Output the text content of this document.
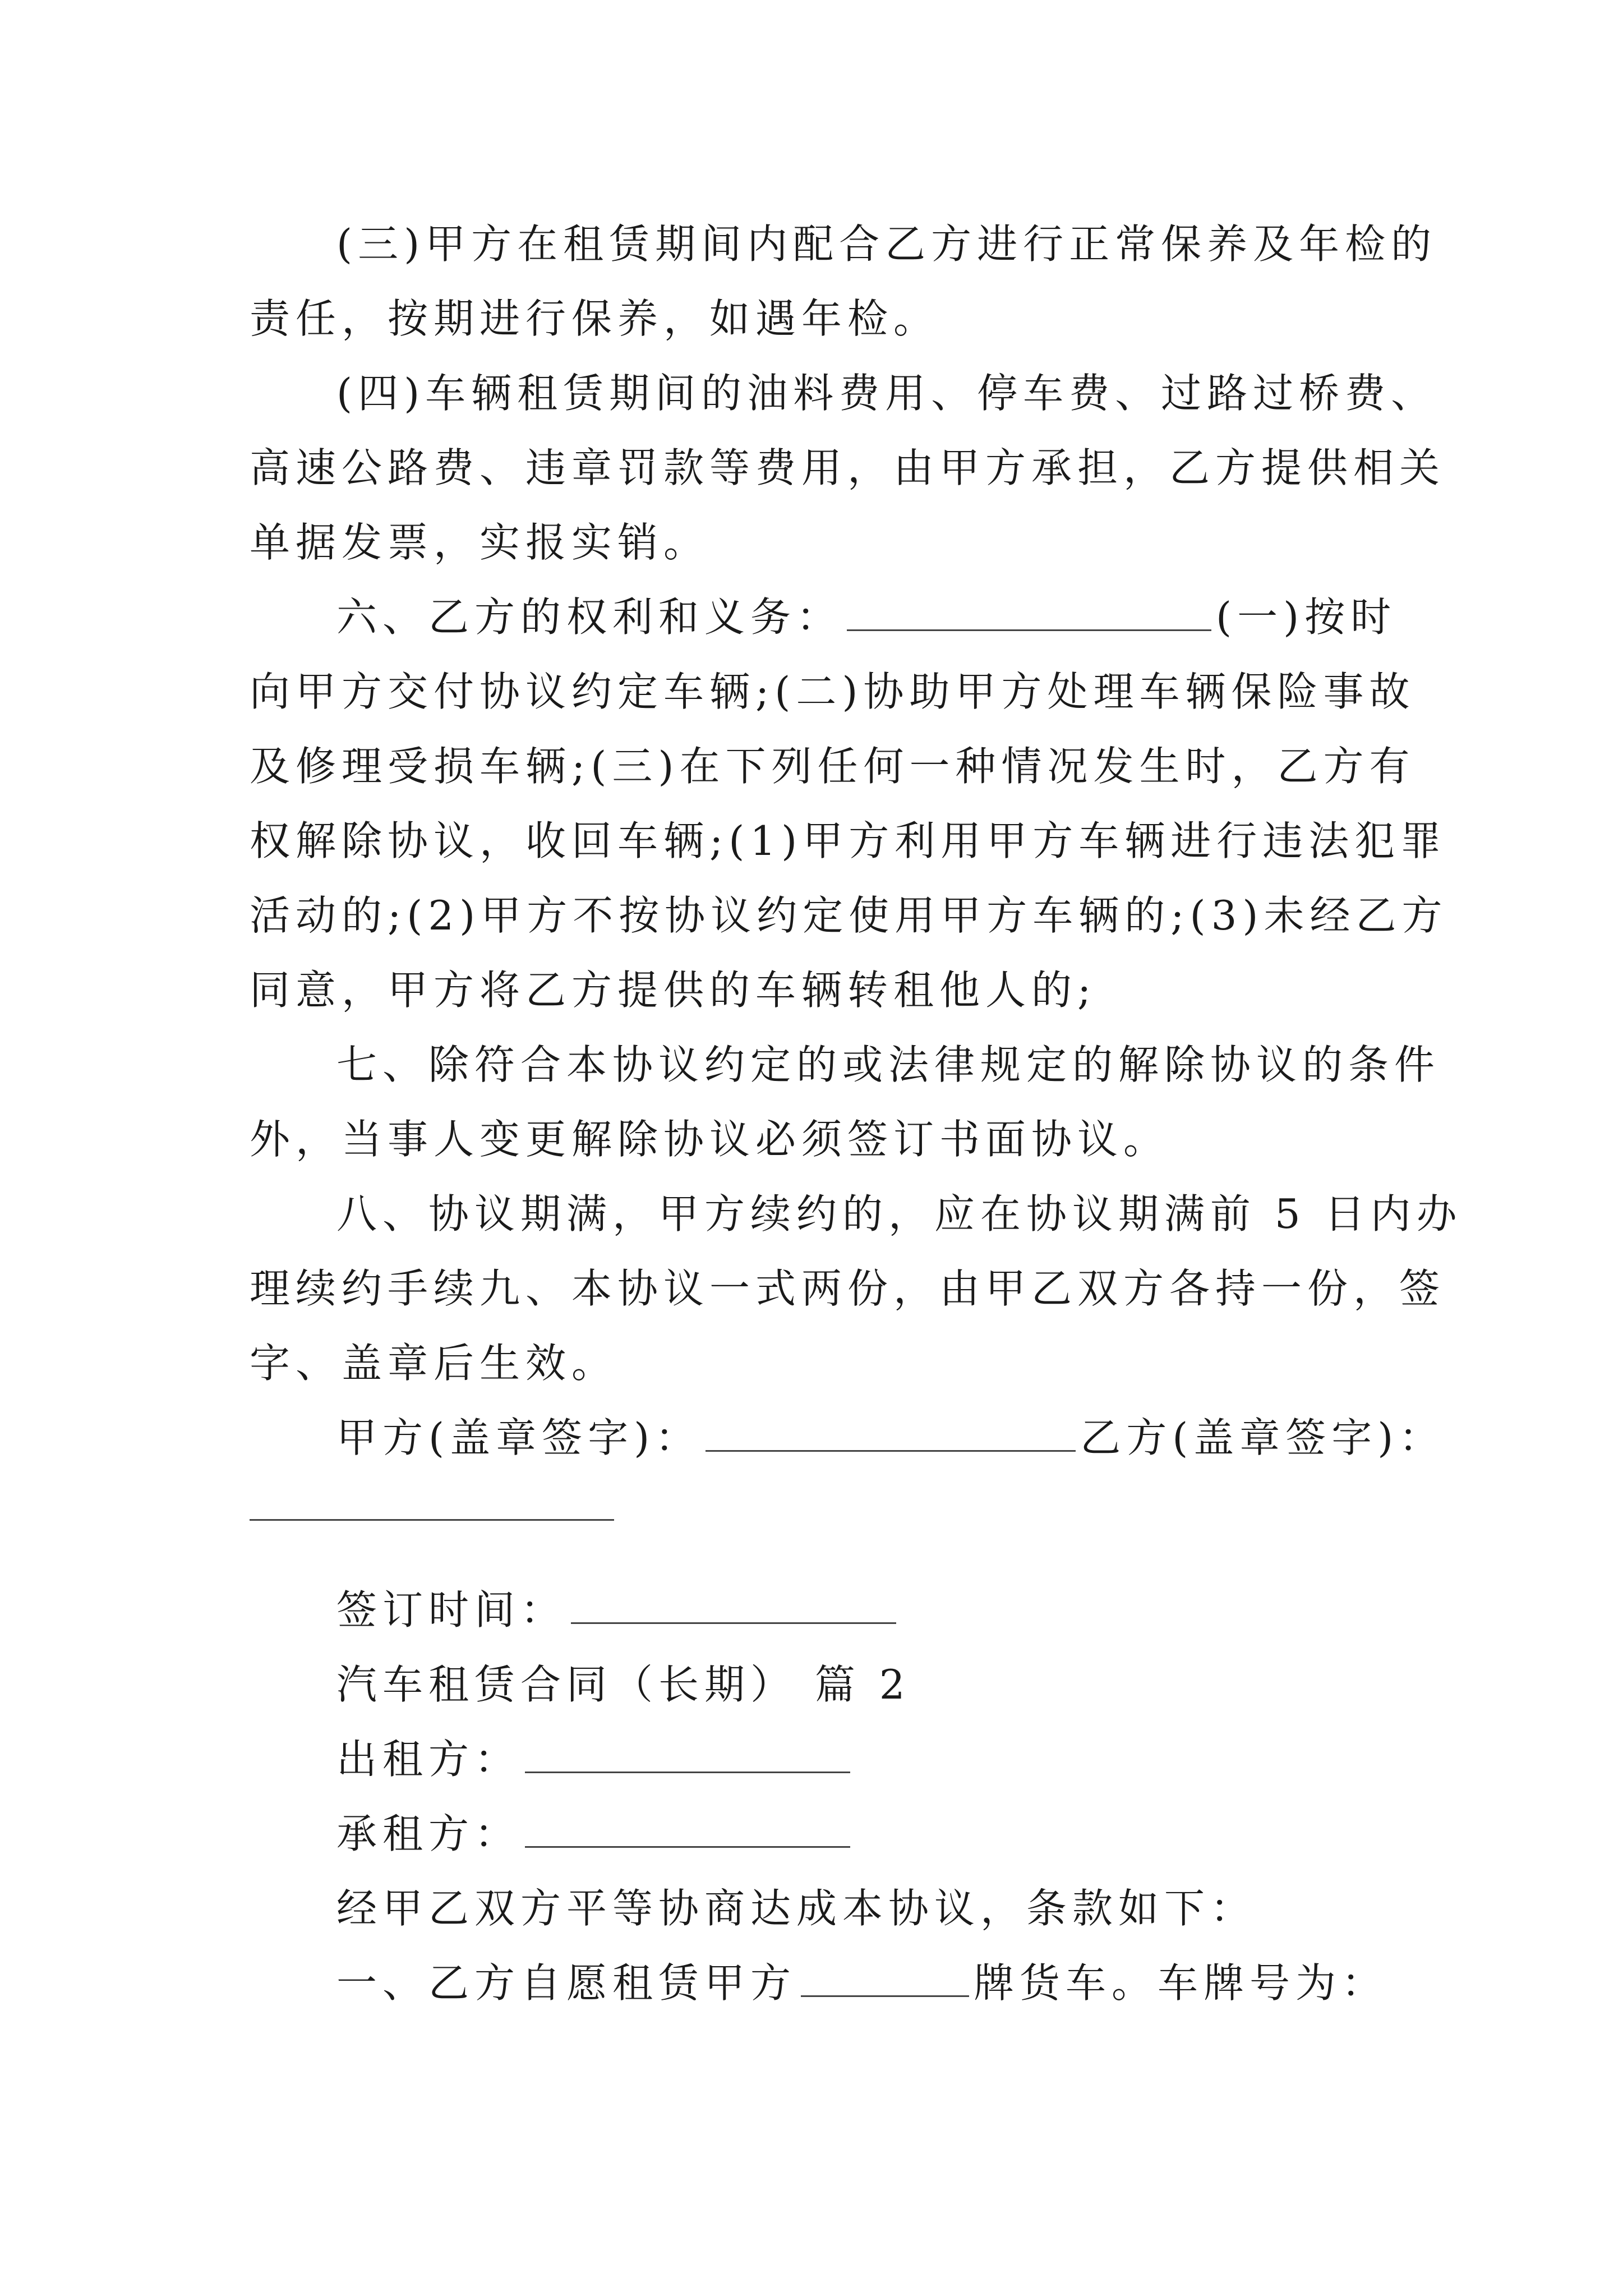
(三)甲方在租赁期间内配合乙方进行正常保养及年检的
责任，按期进行保养，如遇年检。
(四)车辆租赁期间的油料费用、停车费、过路过桥费、
高速公路费、违章罚款等费用，由甲方承担，乙方提供相关
单据发票，实报实销。
六、乙方的权利和义务：	(一)按时
向甲方交付协议约定车辆;(二)协助甲方处理车辆保险事故
及修理受损车辆;(三)在下列任何一种情况发生时，乙方有
权解除协议，收回车辆;(1)甲方利用甲方车辆进行违法犯罪
活动的;(2)甲方不按协议约定使用甲方车辆的;(3)未经乙方
同意，甲方将乙方提供的车辆转租他人的;
七、除符合本协议约定的或法律规定的解除协议的条件
外，当事人变更解除协议必须签订书面协议。
八、协议期满，甲方续约的，应在协议期满前 5 日内办
理续约手续九、本协议一式两份，由甲乙双方各持一份，签
字、盖章后生效。
甲方(盖章签字)：	乙方(盖章签字)：
签订时间：
汽车租赁合同（长期） 篇 2
出租方：
承租方：
经甲乙双方平等协商达成本协议，条款如下：
一、乙方自愿租赁甲方	牌货车。车牌号为：
